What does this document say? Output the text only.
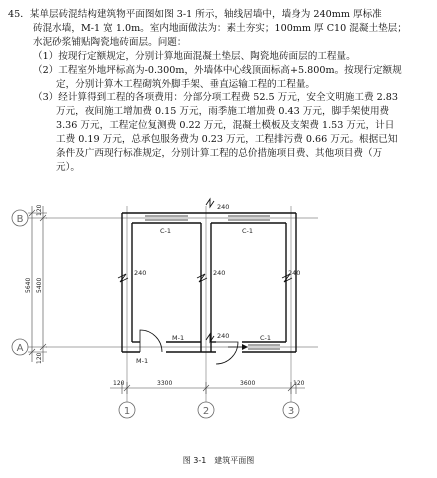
45．某单层砖混结构建筑物平面图如图 3-1 所示，轴线居墙中，墙身为 240mm 厚标准
砖混水墙，M-1 宽 1.0m。室内地面做法为：素土夯实；100mm 厚 C10 混凝土垫层；
水泥砂浆铺贴陶瓷地砖面层。问题：
（1）按现行定额规定，分别计算地面混凝土垫层、陶瓷地砖面层的工程量。
（2）工程室外地坪标高为-0.300m，外墙体中心线顶面标高+5.800m。按现行定额规
定，分别计算木工程砌筑外脚手架、垂直运输工程的工程量。
（3）经计算得到工程的各项费用：分部分项工程费 52.5 万元，安全文明施工费 2.83
万元，夜间施工增加费 0.15 万元，雨季施工增加费 0.43 万元，脚手架使用费
3.36 万元，工程定位复测费 0.22 万元，混凝土模板及支架费 1.53 万元，计日
工费 0.19 万元，总承包服务费为 0.23 万元，工程排污费 0.66 万元。根据已知
条件及广西现行标准规定，分别计算工程的总价措施项目费、其他项目费（万
元）。
240	240	240
240
240
C-1	C-1
C-1
M-1
M-1
5640 5400
120
120
B
A
120	3300	3600	120
1	2	3
图 3-1　建筑平面图
